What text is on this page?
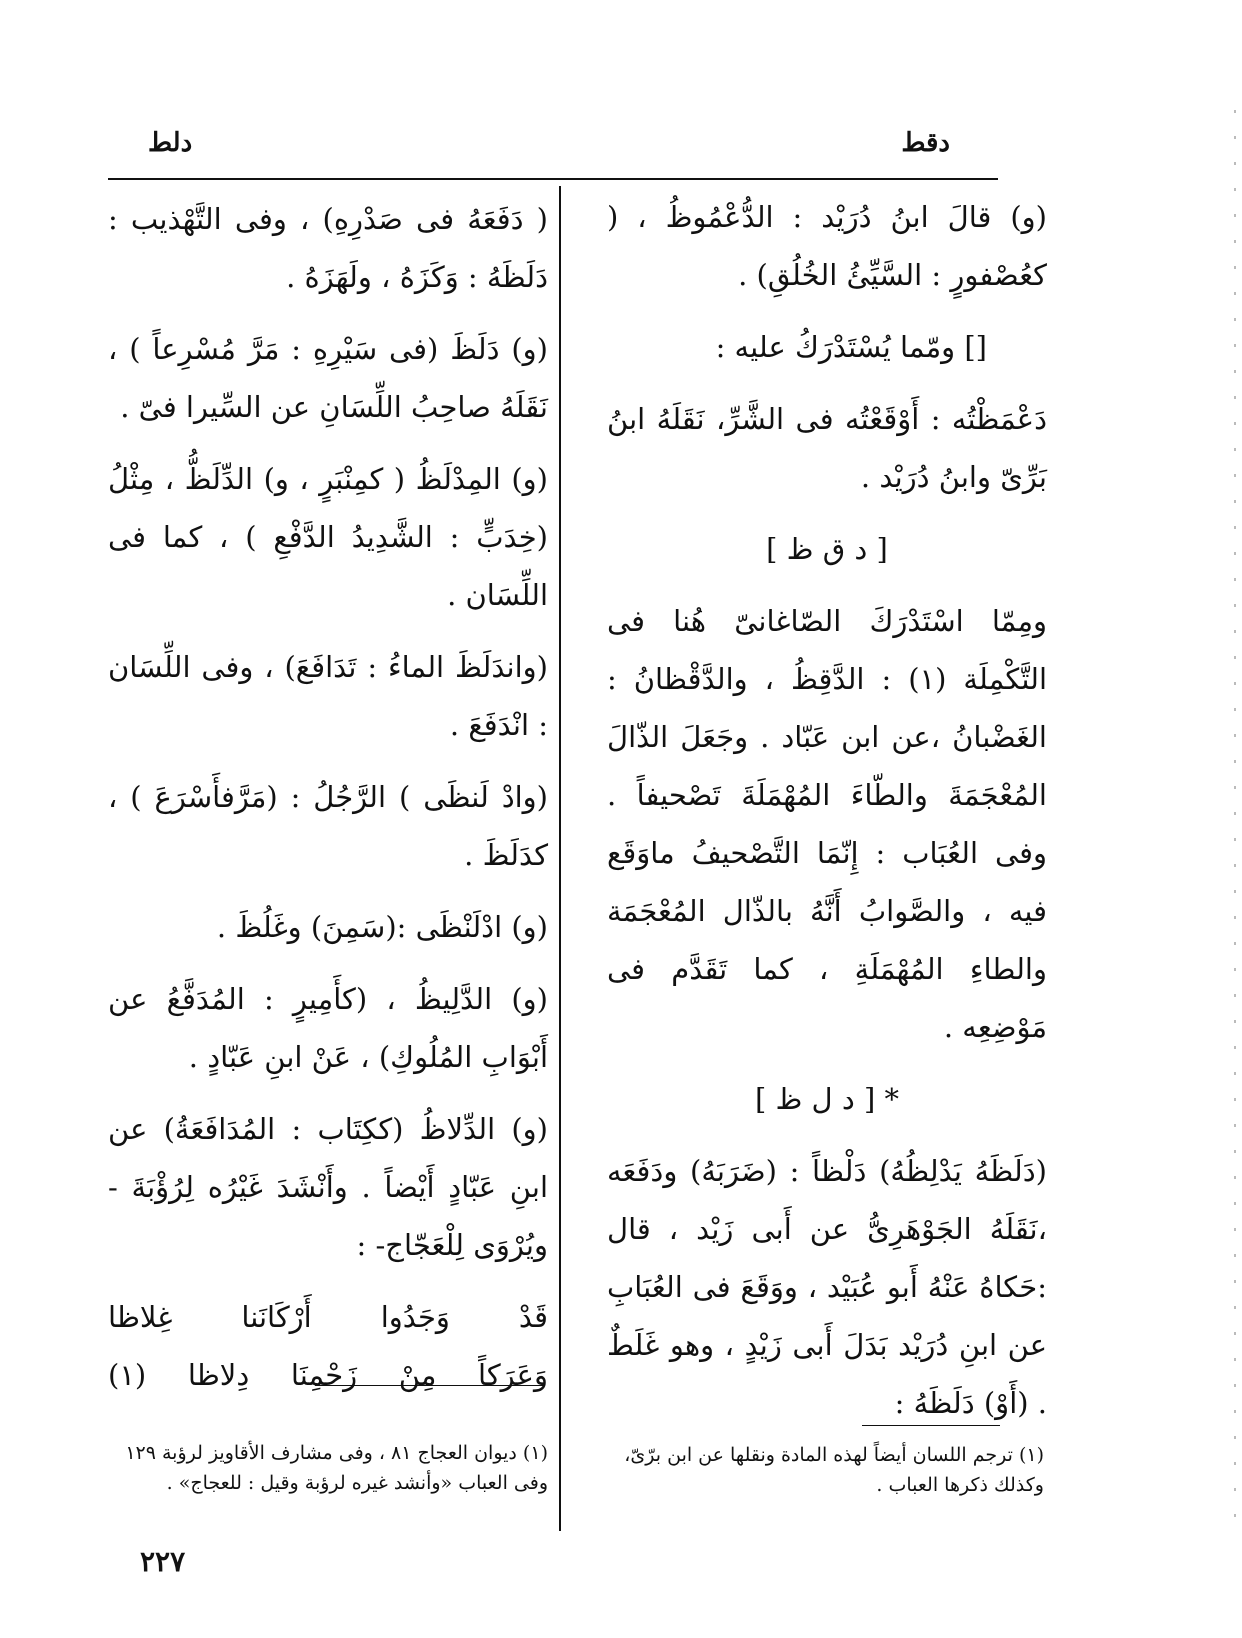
دقط
دلط

(و) قالَ ابنُ دُرَيْد : الدُّعْمُوظُ ، ( كعُصْفورٍ : السَّيِّئُ الخُلُقِ) .

[] ومّما يُسْتَدْرَكُ عليه :

دَعْمَظْتُه : أَوْقَعْتُه فى الشَّرِّ، نَقَلَهُ ابنُ بَرِّىّ وابنُ دُرَيْد .

[ د ق ظ ]

ومِمّا اسْتَدْرَكَ الصّاغانىّ هُنا فى التَّكْمِلَة (١) : الدَّقِظُ ، والدَّقْظانُ : الغَضْبانُ ،عن ابن عَبّاد . وجَعَلَ الذّالَ المُعْجَمَةَ والطّاءَ المُهْمَلَةَ تَصْحيفاً . وفى العُبَاب : إِنّمَا التَّصْحيفُ ماوَقَع فيه ، والصَّوابُ أَنَّهُ بالذّال المُعْجَمَة والطاءِ المُهْمَلَةِ ، كما تَقَدَّم فى مَوْضِعِه .

* [ د ل ظ ]

(دَلَظَهُ يَدْلِظُهُ) دَلْظاً : (ضَرَبَهُ) ودَفَعَه ،نَقَلَهُ الجَوْهَرِىُّ عن أَبى زَيْد ، قال :حَكاهُ عَنْهُ أَبو عُبَيْد ، ووَقَعَ فى العُبَابِ عن ابنِ دُرَيْد بَدَلَ أَبى زَيْدٍ ، وهو غَلَطٌ . (أَوْ) دَلَظَهُ :

( دَفَعَهُ فى صَدْرِهِ) ، وفى التَّهْذيب : دَلَظَهُ : وَكَزَهُ ، ولَهَزَهُ .

(و) دَلَظَ (فى سَيْرِهِ : مَرَّ مُسْرِعاً ) ، نَقَلَهُ صاحِبُ اللِّسَانِ عن السِّيرا فىّ .

(و) المِدْلَظُ ( كمِنْبَرٍ ، و) الدِّلَظُّ ، مِثْلُ (خِدَبٍّ : الشَّدِيدُ الدَّفْعِ ) ، كما فى اللِّسَان .

(واندَلَظَ الماءُ : تَدَافَعَ) ، وفى اللِّسَان : انْدَفَعَ .

(وادْ لَنظَى ) الرَّجُلُ : (مَرَّفأَسْرَعَ ) ، كدَلَظَ .

(و) ادْلَنْظَى :(سَمِنَ) وغَلُظَ .

(و) الدَّلِيظُ ، (كأَمِيرٍ : المُدَفَّعُ عن أَبْوَابِ المُلُوكِ) ، عَنْ ابنِ عَبّادٍ .

(و) الدِّلاظُ (ككِتَاب : المُدَافَعَةُ) عن ابنِ عَبّادٍ أَيْضاً . وأَنْشَدَ غَيْرُه لِرُؤْبَةَ - ويُرْوَى لِلْعَجّاج- :

قَدْ وَجَدُوا أَرْكَانَنا غِلاظا

وَعَرَكاً مِنْ زَحْمِنَا دِلاظا (١)

(١) ترجم اللسان أيضاً لهذه المادة ونقلها عن ابن برّىّ، وكذلك ذكرها العباب .
(١) ديوان العجاج ٨١ ، وفى مشارف الأقاويز لرؤبة ١٢٩ وفى العباب «وأنشد غيره لرؤبة وقيل : للعجاج» .
٢٢٧
